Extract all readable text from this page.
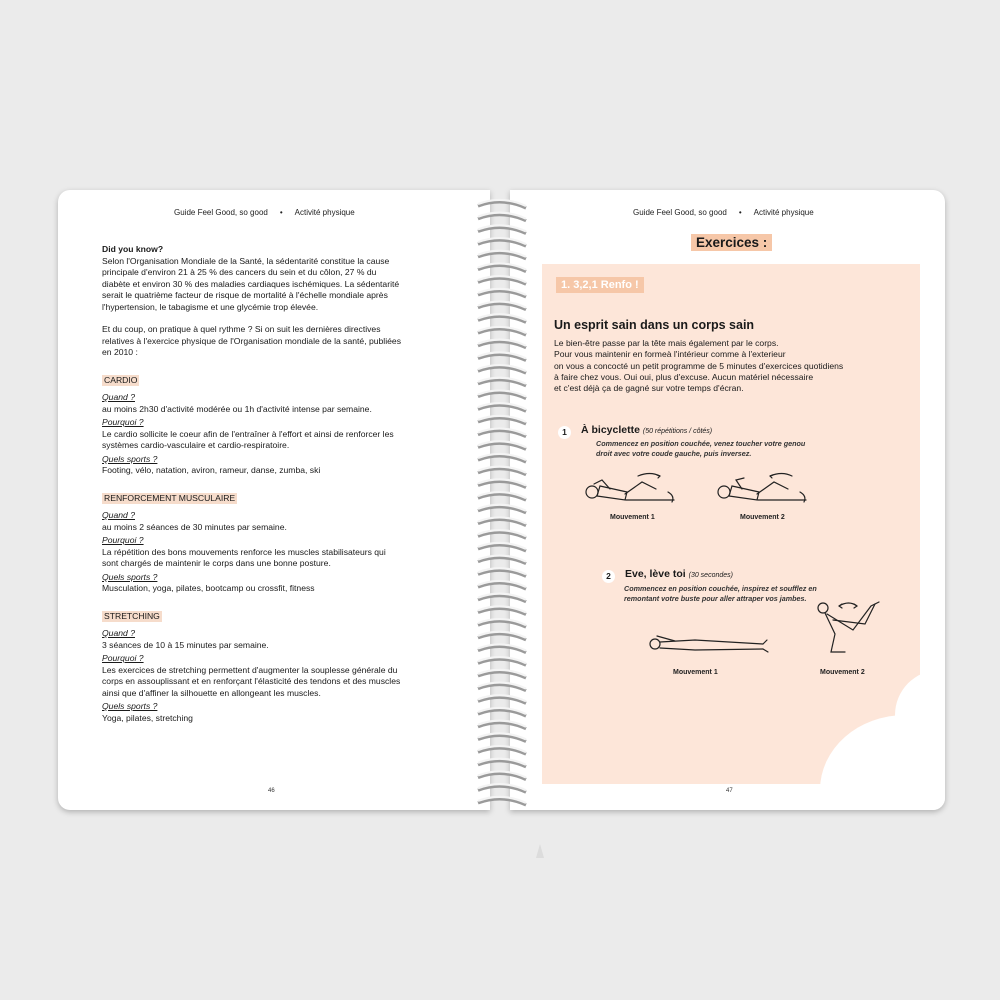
Guide Feel Good, so good • Activité physique

Did you know?

Selon l'Organisation Mondiale de la Santé, la sédentarité constitue la cause

principale d'environ 21 à 25 % des cancers du sein et du côlon, 27 % du

diabète et environ 30 % des maladies cardiaques ischémiques. La sédentarité

serait le quatrième facteur de risque de mortalité à l'échelle mondiale après

l'hypertension, le tabagisme et une glycémie trop élevée.

Et du coup, on pratique à quel rythme ? Si on suit les dernières directives

relatives à l'exercice physique de l'Organisation mondiale de la santé, publiées

en 2010 :

CARDIO
Quand ?

au moins 2h30 d'activité modérée ou 1h d'activité intense par semaine.

Pourquoi ?

Le cardio sollicite le coeur afin de l'entraîner à l'effort et ainsi de renforcer les

systèmes cardio-vasculaire et cardio-respiratoire.

Quels sports ?

Footing, vélo, natation, aviron, rameur, danse, zumba, ski

RENFORCEMENT MUSCULAIRE
Quand ?

au moins 2 séances de 30 minutes par semaine.

Pourquoi ?

La répétition des bons mouvements renforce les muscles stabilisateurs qui

sont chargés de maintenir le corps dans une bonne posture.

Quels sports ?

Musculation, yoga, pilates, bootcamp ou crossfit, fitness

STRETCHING
Quand ?

3 séances de 10 à 15 minutes par semaine.

Pourquoi ?

Les exercices de stretching permettent d'augmenter la souplesse générale du

corps en assouplissant et en renforçant l'élasticité des tendons et des muscles

ainsi que d'affiner la silhouette en allongeant les muscles.

Quels sports ?

Yoga, pilates, stretching

46
Guide Feel Good, so good • Activité physique
Exercices :
1. 3,2,1 Renfo !
Un esprit sain dans un corps sain

Le bien-être passe par la tête mais également par le corps.

Pour vous maintenir en formeà l'intérieur comme à l'exterieur

on vous a concocté un petit programme de 5 minutes d'exercices quotidiens

à faire chez vous. Oui oui, plus d'excuse. Aucun matériel nécessaire

et c'est déjà ça de gagné sur votre temps d'écran.

1	À bicyclette (50 répétitions / côtés)

Commencez en position couchée, venez toucher votre genou

droit avec votre coude gauche, puis inversez.

Mouvement 1	Mouvement 2
2	Eve, lève toi (30 secondes)

Commencez en position couchée, inspirez et soufflez en

remontant votre buste pour aller attraper vos jambes.

Mouvement 1	Mouvement 2
47
